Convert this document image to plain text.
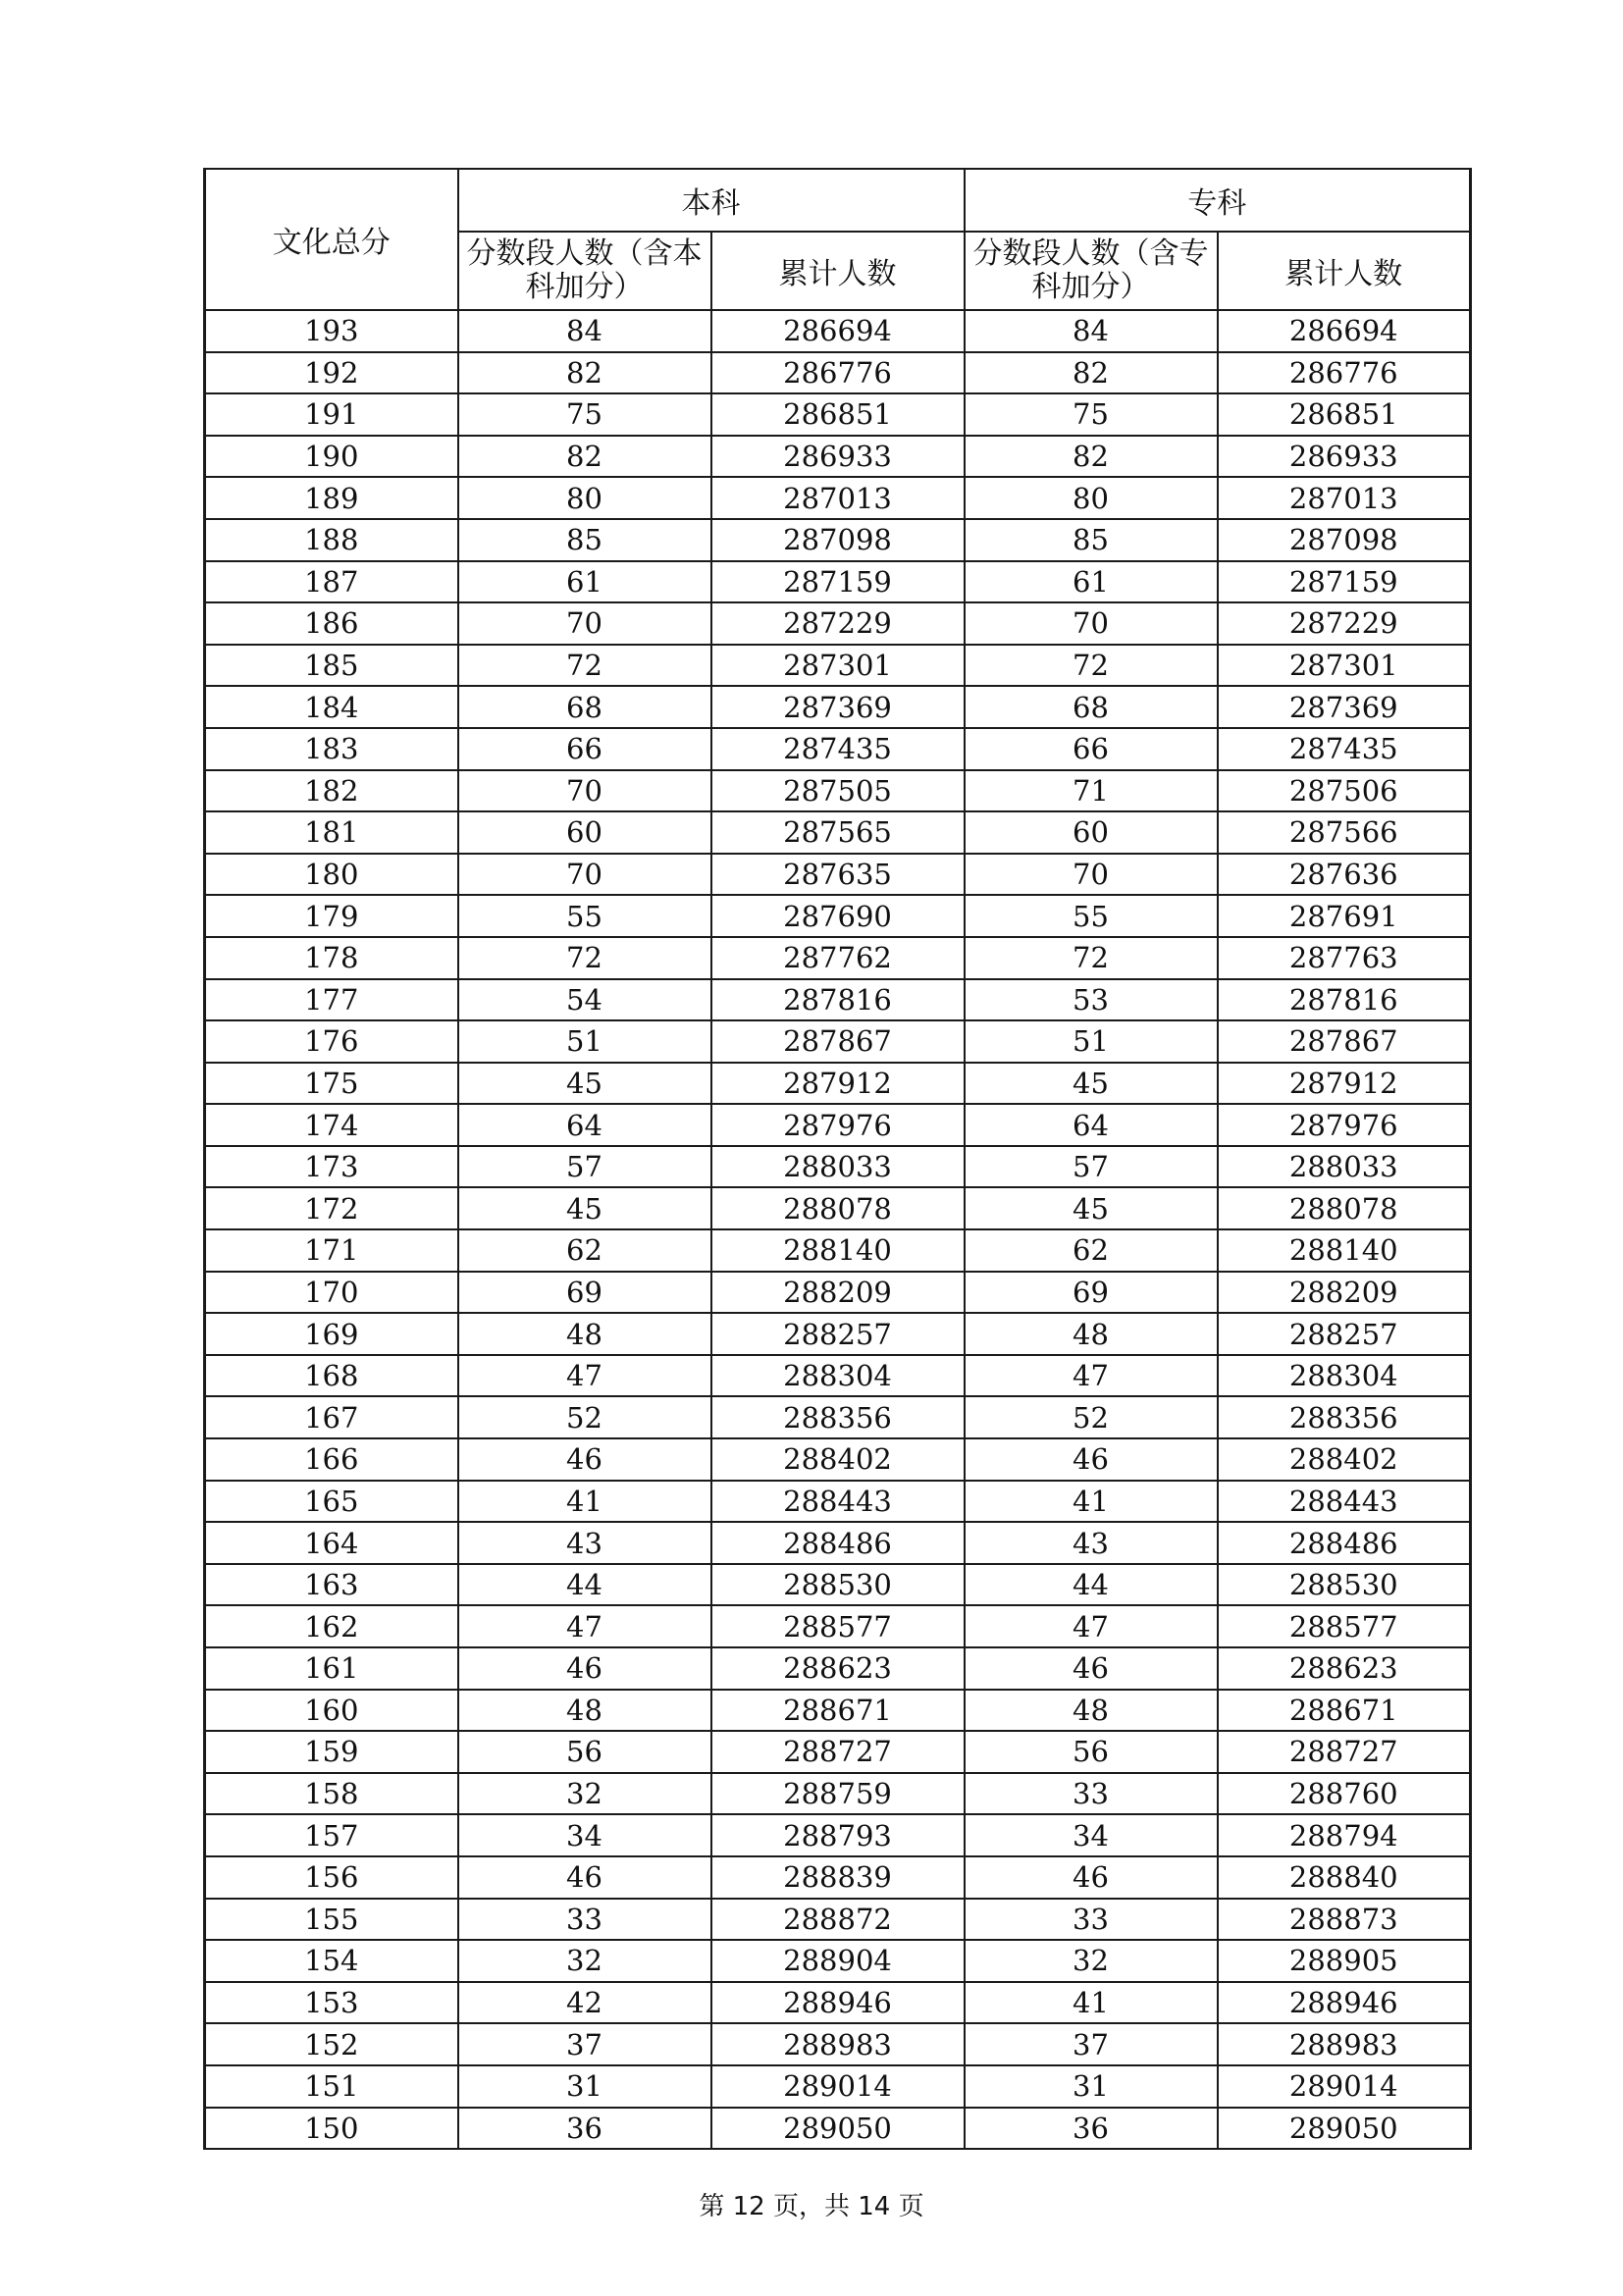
文化总分	本科		专科	
	分数段人数（含本科加分）	累计人数	分数段人数（含专科加分）	累计人数
193	84	286694	84	286694
192	82	286776	82	286776
191	75	286851	75	286851
190	82	286933	82	286933
189	80	287013	80	287013
188	85	287098	85	287098
187	61	287159	61	287159
186	70	287229	70	287229
185	72	287301	72	287301
184	68	287369	68	287369
183	66	287435	66	287435
182	70	287505	71	287506
181	60	287565	60	287566
180	70	287635	70	287636
179	55	287690	55	287691
178	72	287762	72	287763
177	54	287816	53	287816
176	51	287867	51	287867
175	45	287912	45	287912
174	64	287976	64	287976
173	57	288033	57	288033
172	45	288078	45	288078
171	62	288140	62	288140
170	69	288209	69	288209
169	48	288257	48	288257
168	47	288304	47	288304
167	52	288356	52	288356
166	46	288402	46	288402
165	41	288443	41	288443
164	43	288486	43	288486
163	44	288530	44	288530
162	47	288577	47	288577
161	46	288623	46	288623
160	48	288671	48	288671
159	56	288727	56	288727
158	32	288759	33	288760
157	34	288793	34	288794
156	46	288839	46	288840
155	33	288872	33	288873
154	32	288904	32	288905
153	42	288946	41	288946
152	37	288983	37	288983
151	31	289014	31	289014
150	36	289050	36	289050
第 12 页，共 14 页
